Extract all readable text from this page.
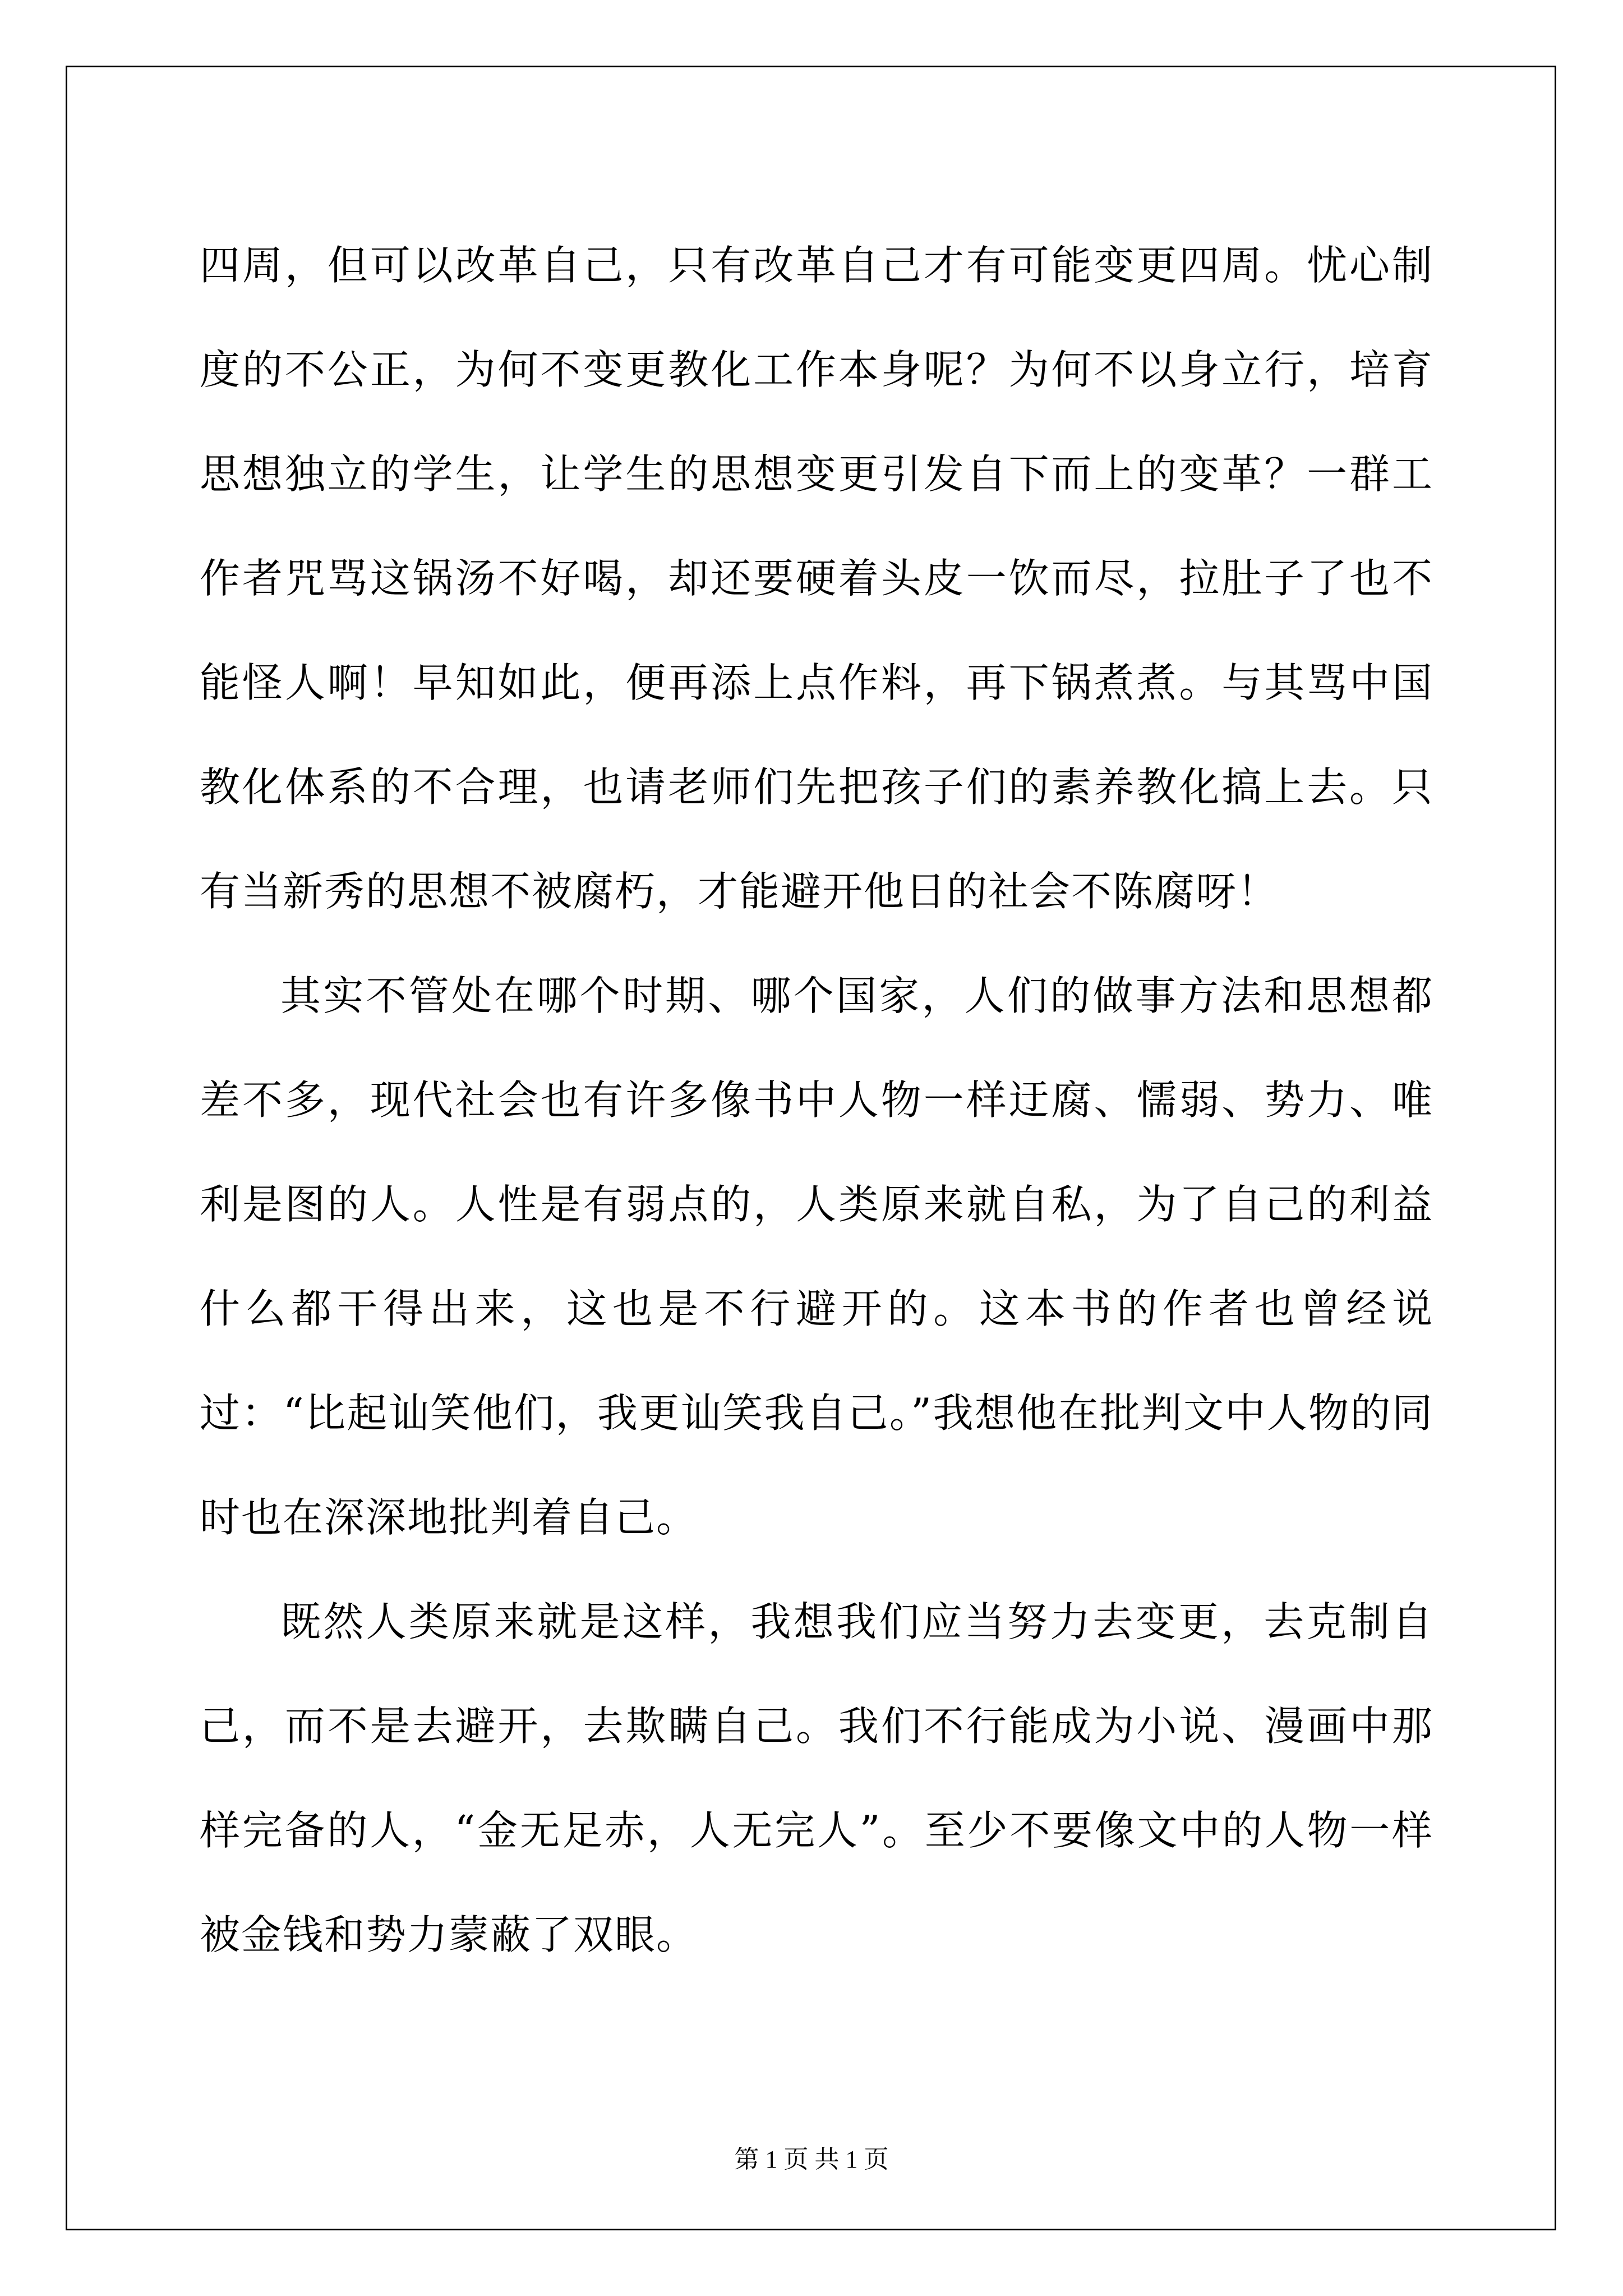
四周，但可以改革自己，只有改革自己才有可能变更四周。忧心制度的不公正，为何不变更教化工作本身呢？为何不以身立行，培育思想独立的学生，让学生的思想变更引发自下而上的变革？一群工作者咒骂这锅汤不好喝，却还要硬着头皮一饮而尽，拉肚子了也不能怪人啊！早知如此，便再添上点作料，再下锅煮煮。与其骂中国教化体系的不合理，也请老师们先把孩子们的素养教化搞上去。只有当新秀的思想不被腐朽，才能避开他日的社会不陈腐呀！

其实不管处在哪个时期、哪个国家，人们的做事方法和思想都差不多，现代社会也有许多像书中人物一样迂腐、懦弱、势力、唯利是图的人。人性是有弱点的，人类原来就自私，为了自己的利益什么都干得出来，这也是不行避开的。这本书的作者也曾经说过：“比起讪笑他们，我更讪笑我自己。”我想他在批判文中人物的同时也在深深地批判着自己。

既然人类原来就是这样，我想我们应当努力去变更，去克制自己，而不是去避开，去欺瞒自己。我们不行能成为小说、漫画中那样完备的人，“金无足赤，人无完人”。至少不要像文中的人物一样被金钱和势力蒙蔽了双眼。

第 1 页 共 1 页
